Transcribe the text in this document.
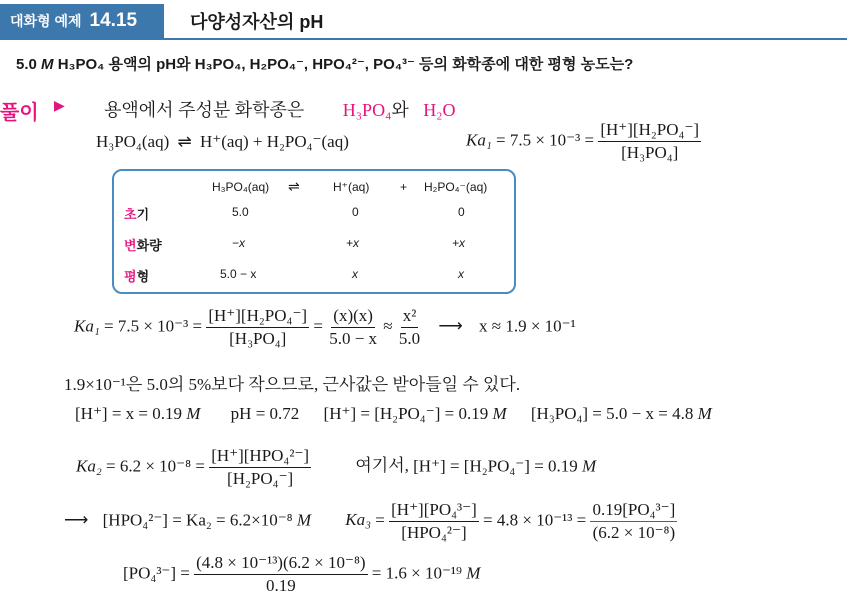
대화형 예제 14.15	다양성자산의 pH
5.0 M H₃PO₄ 용액의 pH와 H₃PO₄, H₂PO₄⁻, HPO₄²⁻, PO₄³⁻ 등의 화학종에 대한 평형 농도는?
풀이 ▶ 용액에서 주성분 화학종은 H₃PO₄와 H₂O
H₃PO₄(aq) ⇌ H⁺(aq) + H₂PO₄⁻(aq)	$Ka_1 = 7.5 \times 10^{-3} = \frac{\text{[H⁺][H₂PO₄⁻]}}{\text{[H₃PO₄]}}$
H₃PO₄(aq) ⇌	H⁺(aq)	+ H₂PO₄⁻(aq)
초기	5.0	0	0
변화량	−x	+x	+x
평형	5.0 − x	x	x
$Ka_1 = 7.5 \times 10^{-3} = \frac{\text{[H⁺][H₂PO₄⁻]}}{\text{[H₃PO₄]}} = \frac{(x)(x)}{5.0 - x} \approx \frac{\text{x²}}{5.0}$ ⟶ x ≈ 1.9 × 10⁻¹
1.9×10⁻¹은 5.0의 5%보다 작으므로, 근사값은 받아들일 수 있다.
[H⁺] = x = 0.19 M pH = 0.72 [H⁺] = [H₂PO₄⁻] = 0.19 M [H₃PO₄] = 5.0 − x = 4.8 M
$Ka_2 = 6.2 \times 10^{-8} = \frac{\text{[H⁺][HPO₄²⁻]}}{\text{[H₂PO₄⁻]}}$	여기서, [H⁺] = [H₂PO₄⁻] = 0.19 M
⟶ [HPO₄²⁻] = Ka₂ = 6.2×10⁻⁸ M $Ka_3 = \frac{\text{[H⁺][PO₄³⁻]}}{\text{[HPO₄²⁻]}} = 4.8 \times 10^{-13} = \frac{\text{0.19[PO₄³⁻]}}{\text{(6.2 × 10⁻⁸)}}$
$[PO_4^{3-}] = \frac{\text{(4.8 × 10⁻¹³)(6.2 × 10⁻⁸)}}{0.19} = 1.6 \times 10^{-19}$ M
